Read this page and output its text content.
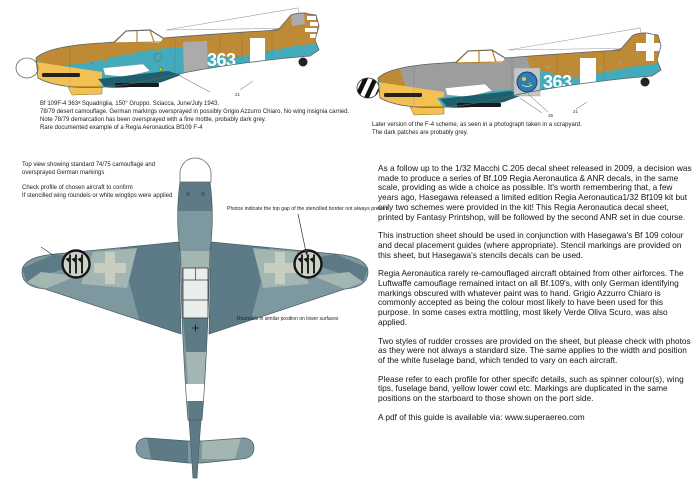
363
21
Bf 109F-4 363ᵃ Squadriglia, 150° Gruppo. Sciacca, June/July 1943.
78/79 desert camouflage. German markings oversprayed in possibly Grigio Azzurro Chiaro. No wing insignia carried.
Note 78/79 demarcation has been oversprayed with a fine mottle, probably dark grey.
Rare documented example of a Regia Aeronautica Bf109 F-4
363
36
21
Later version of the F-4 scheme, as seen in a photograph taken in a scrapyard.
The dark patches are probably grey.
Top view showing standard 74/75 camouflage and oversprayed German markings
Check profile of chosen aircraft to confirm
If stencilled wing roundels or white wingtips were applied
Photos indicate the top gap of the stencilled border not always present.
Roundels in similar position on lower surfaces

As a follow up to the 1/32 Macchi C.205 decal sheet released in 2009, a decision was made to produce a series of Bf.109 Regia Aeronautica & ANR decals, in the same scale, providing as wide a choice as possible. It's worth remembering that, a few years ago, Hasegawa released a limited edition Regia Aeronautica1/32 Bf109 kit but only two schemes were provided in the kit! This Regia Aeronautica decal sheet, printed by Fantasy Printshop, will be followed by the second ANR set in due course.

This instruction sheet should be used in conjunction with Hasegawa's Bf 109 colour and decal placement guides (where appropriate). Stencil markings are provided on this sheet, but Hasegawa's stencils decals can be used.

Regia Aeronautica rarely re-camouflaged aircraft obtained from other airforces. The Luftwaffe camouflage remained intact on all Bf.109's, with only German identifying markings obscured with whatever paint was to hand. Grigio Azzurro Chiaro is commonly accepted as being the colour most likely to have been used for this purpose. In some cases extra mottling, most likely Verde Oliva Scuro, was also applied.

Two styles of rudder crosses are provided on the sheet, but please check with photos as they were not always a standard size. The same applies to the width and position of the white fuselage band, which tended to vary on each aircraft.

Please refer to each profile for other specifc details, such as spinner colour(s), wing tips, fuselage band, yellow lower cowl etc. Markings are duplicated in the same positions on the starboard to those shown on the port side.

A pdf of this guide is available via: www.superaereo.com
